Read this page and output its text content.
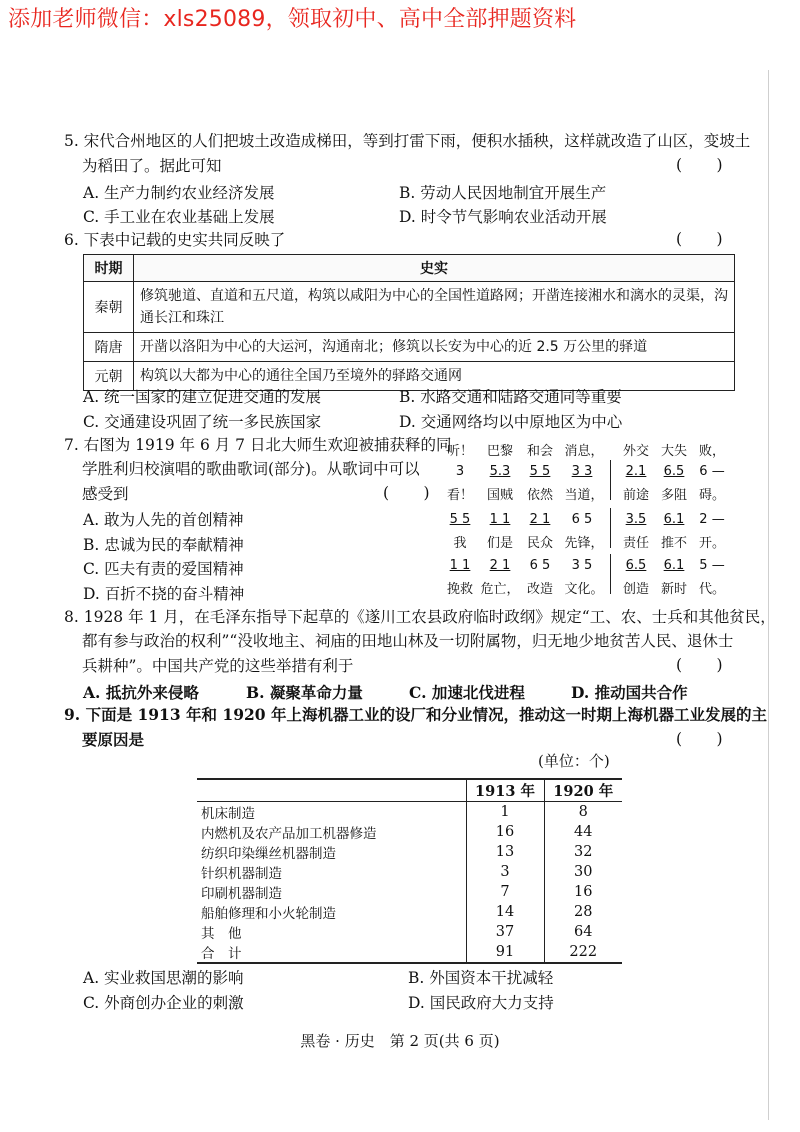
添加老师微信：xls25089，领取初中、高中全部押题资料
5. 宋代合州地区的人们把坡土改造成梯田，等到打雷下雨，便积水插秧，这样就改造了山区，变坡土
为稻田了。据此可知	(       )
A. 生产力制约农业经济发展	B. 劳动人民因地制宜开展生产
C. 手工业在农业基础上发展	D. 时令节气影响农业活动开展
6. 下表中记载的史实共同反映了	(       )
时期	史实
秦朝	修筑驰道、直道和五尺道，构筑以咸阳为中心的全国性道路网；开凿连接湘水和漓水的灵渠，沟通长江和珠江
隋唐	开凿以洛阳为中心的大运河，沟通南北；修筑以长安为中心的近 2.5 万公里的驿道
元朝	构筑以大都为中心的通往全国乃至境外的驿路交通网
A. 统一国家的建立促进交通的发展	B. 水路交通和陆路交通同等重要
C. 交通建设巩固了统一多民族国家	D. 交通网络均以中原地区为中心
7. 右图为 1919 年 6 月 7 日北大师生欢迎被捕获释的同
学胜利归校演唱的歌曲歌词(部分)。从歌词中可以
感受到	(       )
A. 敢为人先的首创精神
B. 忠诚为民的奉献精神
C. 匹夫有责的爱国精神
D. 百折不挠的奋斗精神
听！	巴黎	和会 消息，	外交 大失 败，
3	5.3	5 5	3 3	2.1	6.5	6 —
看！	国贼	依然 当道，	前途 多阻 碍。
5 5	1 1	2 1	6 5	3.5	6.1	2 —
我	们是	民众 先锋，	责任 推不 开。
1 1	2 1	6 5	3 5	6.5	6.1	5 —
挽救 危亡， 改造 文化。	创造 新时 代。
8. 1928 年 1 月，在毛泽东指导下起草的《遂川工农县政府临时政纲》规定“工、农、士兵和其他贫民，
都有参与政治的权利”“没收地主、祠庙的田地山林及一切附属物，归无地少地贫苦人民、退休士
兵耕种”。中国共产党的这些举措有利于	(       )
A. 抵抗外来侵略	B. 凝聚革命力量	C. 加速北伐进程	D. 推动国共合作
9. 下面是 1913 年和 1920 年上海机器工业的设厂和分业情况，推动这一时期上海机器工业发展的主
要原因是	(       )
(单位：个)
	1913 年	1920 年
机床制造	1	8
内燃机及农产品加工机器修造	16	44
纺织印染缫丝机器制造	13	32
针织机器制造	3	30
印刷机器制造	7	16
船舶修理和小火轮制造	14	28
其　他	37	64
合　计	91	222
A. 实业救国思潮的影响	B. 外国资本干扰减轻
C. 外商创办企业的刺激	D. 国民政府大力支持
黑卷 · 历史　第 2 页(共 6 页)
